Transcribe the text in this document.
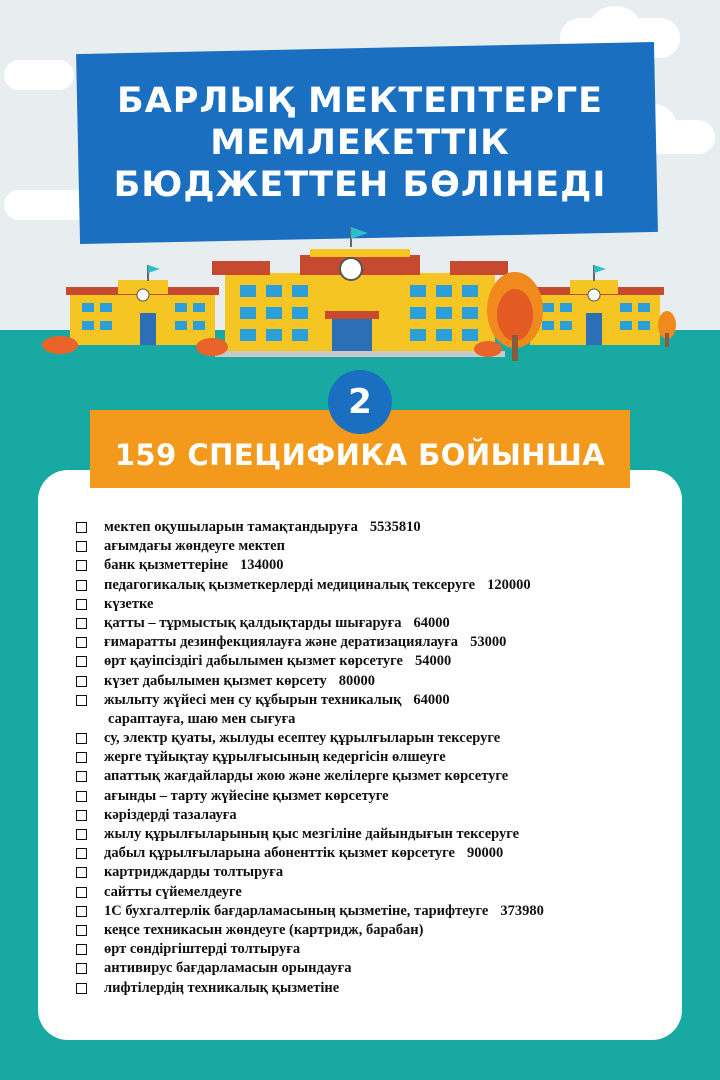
БАРЛЫҚ МЕКТЕПТЕРГЕ
МЕМЛЕКЕТТІК
БЮДЖЕТТЕН БӨЛІНЕДІ
2
159 СПЕЦИФИКА БОЙЫНША
мектеп оқушыларын тамақтандыруға 5535810
ағымдағы жөндеуге мектеп
банк қызметтеріне 134000
педагогикалық қызметкерлерді медициналық тексеруге 120000
күзетке
қатты – тұрмыстық қалдықтарды шығаруға 64000
ғимаратты дезинфекциялауға және дератизациялауға 53000
өрт қауіпсіздігі дабылымен қызмет көрсетуге 54000
күзет дабылымен қызмет көрсету 80000
жылыту жүйесі мен су құбырын техникалық 64000
сараптауға, шаю мен сығуға
су, электр қуаты, жылуды есептеу құрылғыларын тексеруге
жерге тұйықтау құрылғысының кедергісін өлшеуге
апаттық жағдайларды жою және желілерге қызмет көрсетуге
ағынды – тарту жүйесіне қызмет көрсетуге
кәріздерді тазалауға
жылу құрылғыларының қыс мезгіліне дайындығын тексеруге
дабыл құрылғыларына абоненттік қызмет көрсетуге 90000
картридждарды толтыруға
сайтты сүйемелдеуге
1С бухгалтерлік бағдарламасының қызметіне, тарифтеуге 373980
кеңсе техникасын жөндеуге (картридж, барабан)
өрт сөндіргіштерді толтыруға
антивирус бағдарламасын орындауға
лифтілердің техникалық қызметіне
